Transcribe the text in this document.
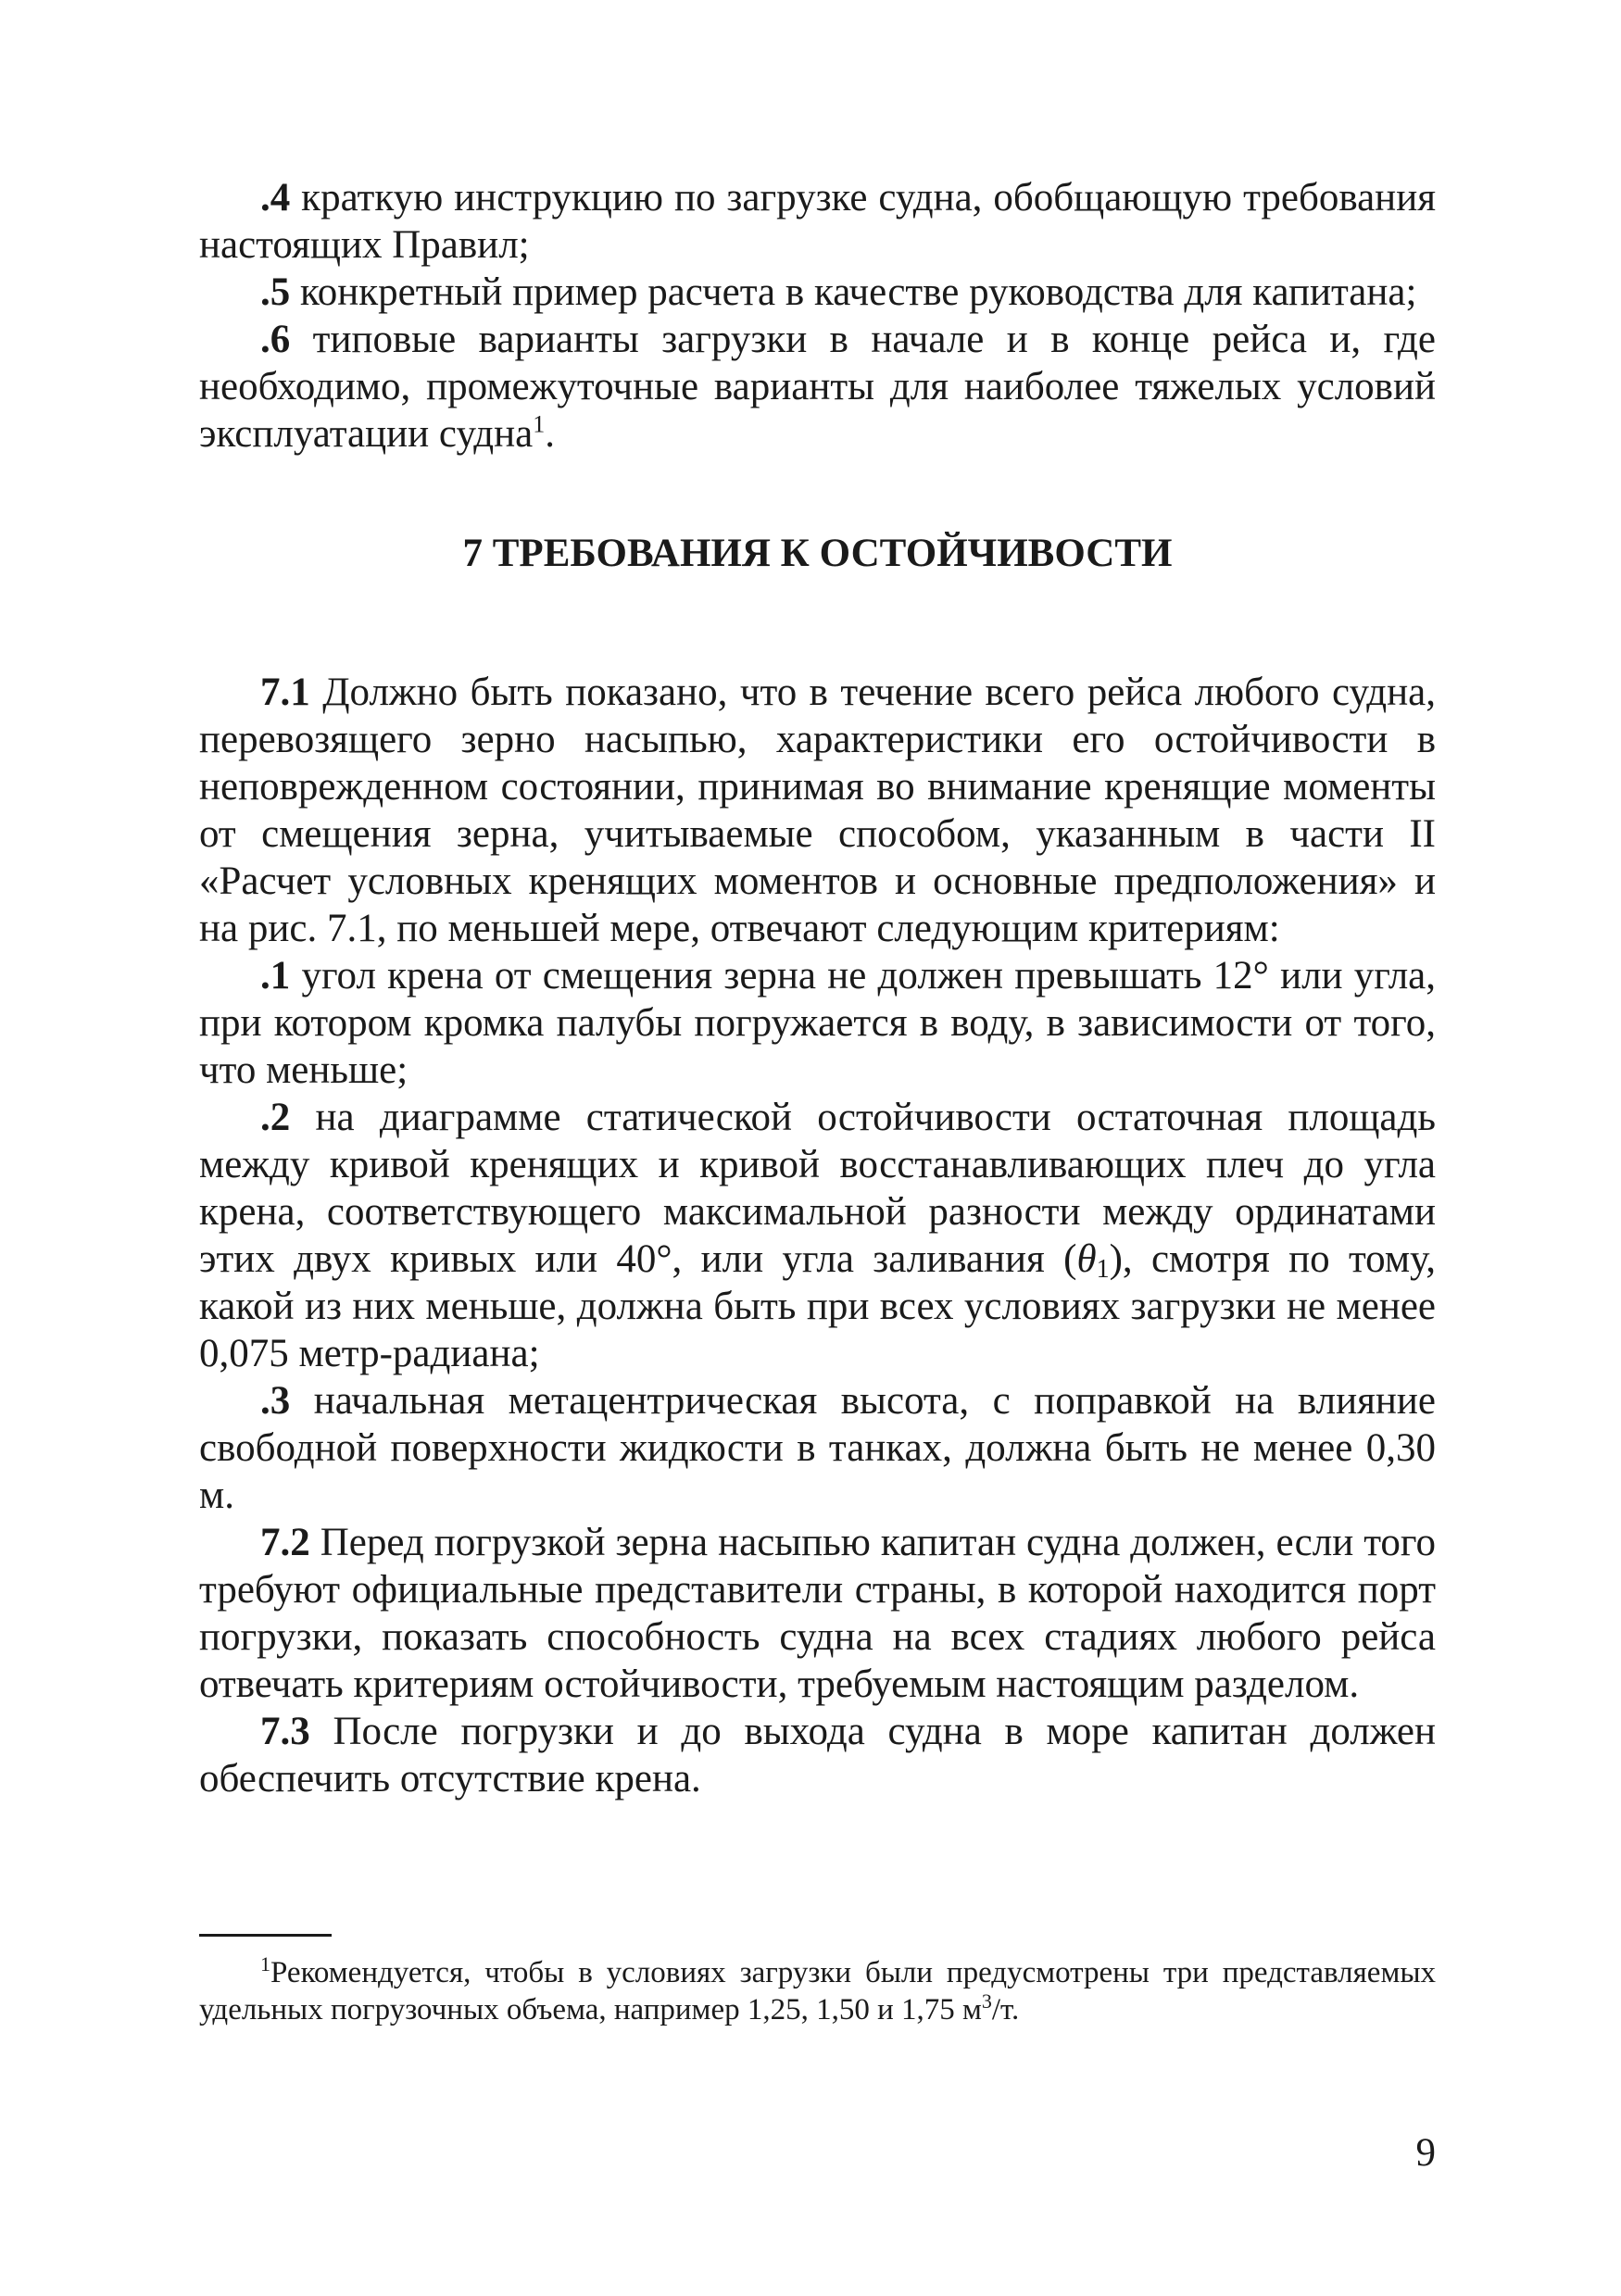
.4 краткую инструкцию по загрузке судна, обобщающую требования настоящих Правил;

.5 конкретный пример расчета в качестве руководства для капитана;

.6 типовые варианты загрузки в начале и в конце рейса и, где необходимо, промежуточные варианты для наиболее тяжелых условий эксплуатации судна$^1$.

7 ТРЕБОВАНИЯ К ОСТОЙЧИВОСТИ

7.1 Должно быть показано, что в течение всего рейса любого судна, перевозящего зерно насыпью, характеристики его остойчивости в неповрежденном состоянии, принимая во внимание кренящие моменты от смещения зерна, учитываемые способом, указанным в части II «Расчет условных кренящих моментов и основные предположения» и на рис. 7.1, по меньшей мере, отвечают следующим критериям:

.1 угол крена от смещения зерна не должен превышать 12° или угла, при котором кромка палубы погружается в воду, в зависимости от того, что меньше;

.2 на диаграмме статической остойчивости остаточная площадь между кривой кренящих и кривой восстанавливающих плеч до угла крена, соответствующего максимальной разности между ординатами этих двух кривых или 40°, или угла заливания $(\theta_1)$, смотря по тому, какой из них меньше, должна быть при всех условиях загрузки не менее 0,075 метр-радиана;

.3 начальная метацентрическая высота, с поправкой на влияние свободной поверхности жидкости в танках, должна быть не менее 0,30 м.

7.2 Перед погрузкой зерна насыпью капитан судна должен, если того требуют официальные представители страны, в которой находится порт погрузки, показать способность судна на всех стадиях любого рейса отвечать критериям остойчивости, требуемым настоящим разделом.

7.3 После погрузки и до выхода судна в море капитан должен обеспечить отсутствие крена.

$^1$Рекомендуется, чтобы в условиях загрузки были предусмотрены три представляемых удельных погрузочных объема, например 1,25, 1,50 и 1,75 м$^3$/т.

9
